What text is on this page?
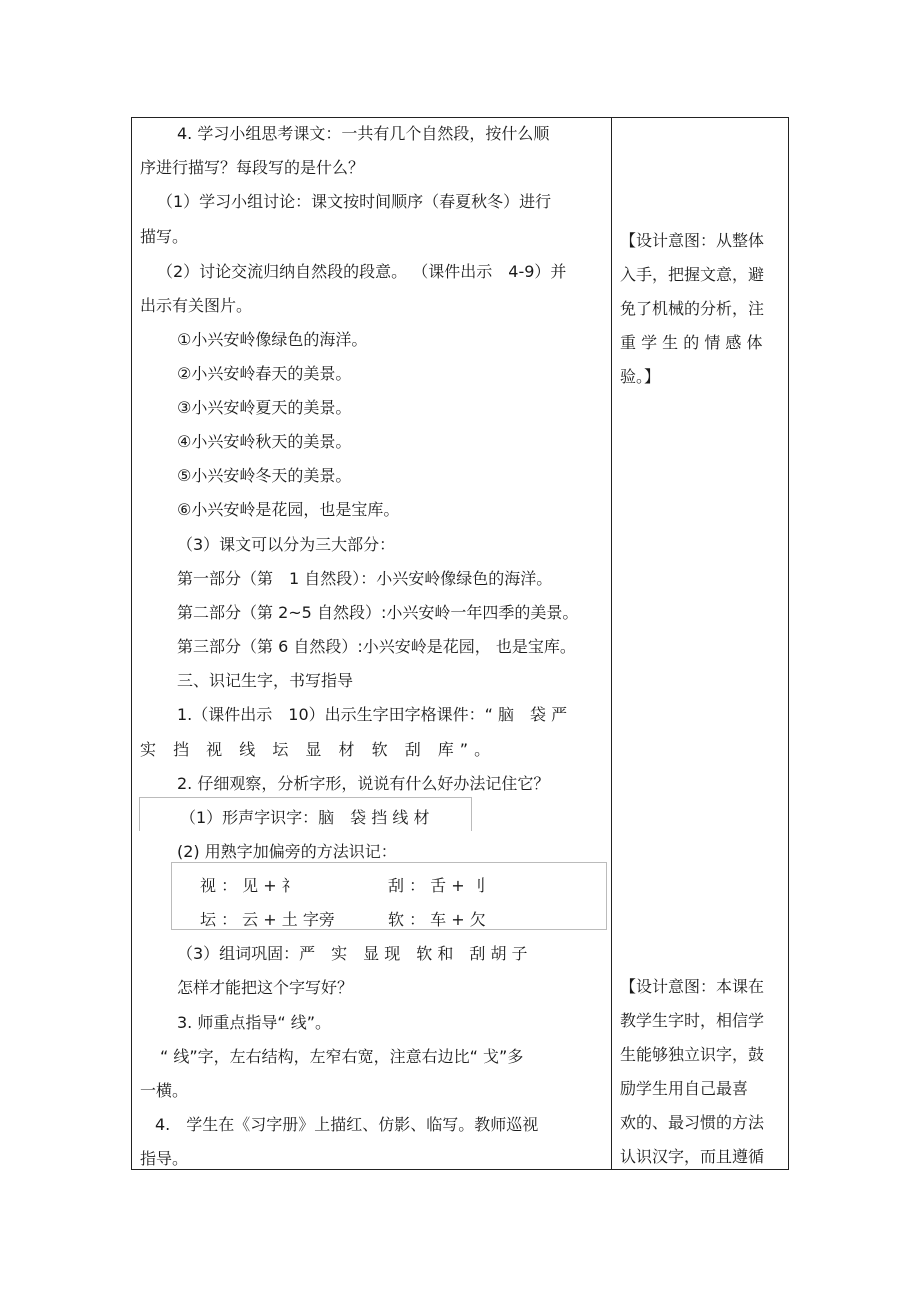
4. 学习小组思考课文：一共有几个自然段，按什么顺
序进行描写？每段写的是什么？
（1）学习小组讨论：课文按时间顺序（春夏秋冬）进行
描写。
（2）讨论交流归纳自然段的段意。 （课件出示　4-9）并
出示有关图片。
①小兴安岭像绿色的海洋。
②小兴安岭春天的美景。
③小兴安岭夏天的美景。
④小兴安岭秋天的美景。
⑤小兴安岭冬天的美景。
⑥小兴安岭是花园，也是宝库。
（3）课文可以分为三大部分：
第一部分（第　1 自然段）：小兴安岭像绿色的海洋。
第二部分（第 2~5 自然段）:小兴安岭一年四季的美景。
第三部分（第 6 自然段）:小兴安岭是花园， 也是宝库。
三、识记生字，书写指导
1.（课件出示　10）出示生字田字格课件：“ 脑　袋 严
实 挡 视 线 坛 显 材 软 刮 库”。
2. 仔细观察，分析字形，说说有什么好办法记住它？
（1）形声字识字：脑　袋 挡 线 材
(2) 用熟字加偏旁的方法识记：
视 ： 见 + 礻	刮 ： 舌 + 刂
坛 ： 云 + 土 字旁	软 ： 车 + 欠
（3）组词巩固：严　实　显 现　软 和　刮 胡 子
怎样才能把这个字写好？
3. 师重点指导“ 线”。
“ 线”字，左右结构，左窄右宽，注意右边比“ 戈”多
一横。
4.　学生在《习字册》上描红、仿影、临写。教师巡视
指导。
【设计意图：从整体
入手，把握文意，避
免了机械的分析，注
重 学 生 的 情 感 体
验。】
【设计意图：本课在
教学生字时，相信学
生能够独立识字，鼓
励学生用自己最喜
欢的、最习惯的方法
认识汉字，而且遵循
